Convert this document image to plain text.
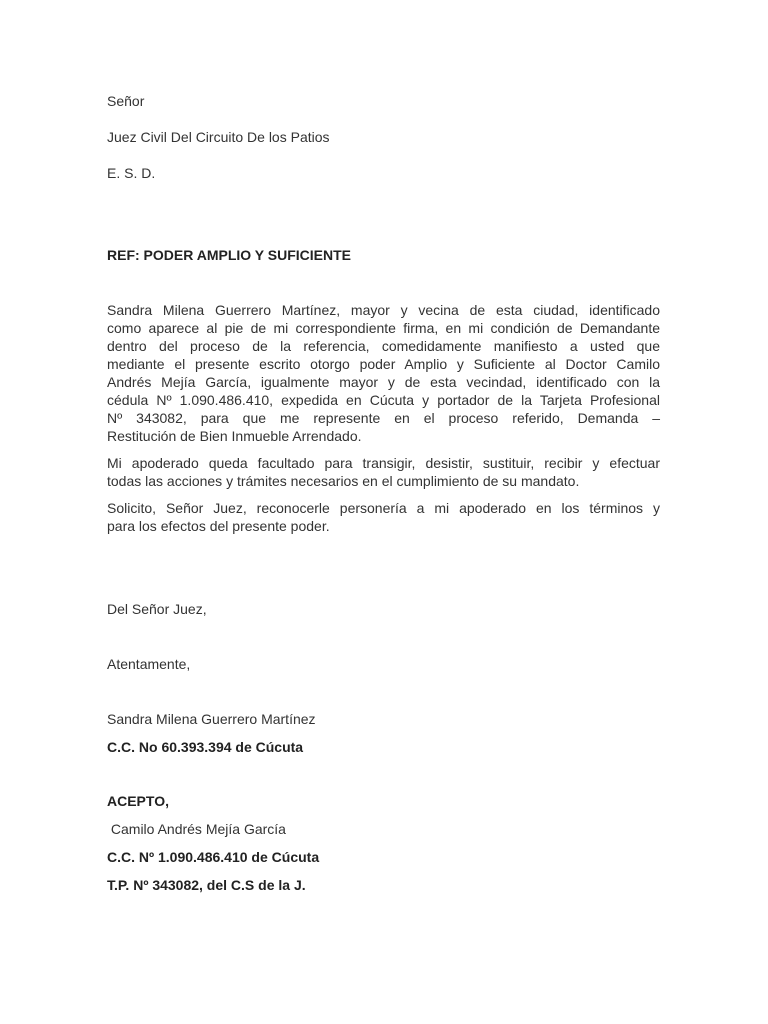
Señor
Juez Civil Del Circuito De los Patios
E. S. D.
REF: PODER AMPLIO Y SUFICIENTE
Sandra Milena Guerrero Martínez, mayor y vecina de esta ciudad, identificado
como aparece al pie de mi correspondiente firma, en mi condición de Demandante
dentro del proceso de la referencia, comedidamente manifiesto a usted que
mediante el presente escrito otorgo poder Amplio y Suficiente al Doctor Camilo
Andrés Mejía García, igualmente mayor y de esta vecindad, identificado con la
cédula Nº 1.090.486.410, expedida en Cúcuta y portador de la Tarjeta Profesional
Nº 343082, para que me represente en el proceso referido, Demanda –
Restitución de Bien Inmueble Arrendado.
Mi apoderado queda facultado para transigir, desistir, sustituir, recibir y efectuar
todas las acciones y trámites necesarios en el cumplimiento de su mandato.
Solicito, Señor Juez, reconocerle personería a mi apoderado en los términos y
para los efectos del presente poder.
Del Señor Juez,
Atentamente,
Sandra Milena Guerrero Martínez
C.C. No 60.393.394 de Cúcuta
ACEPTO,
Camilo Andrés Mejía García
C.C. Nº 1.090.486.410 de Cúcuta
T.P. Nº 343082, del C.S de la J.
